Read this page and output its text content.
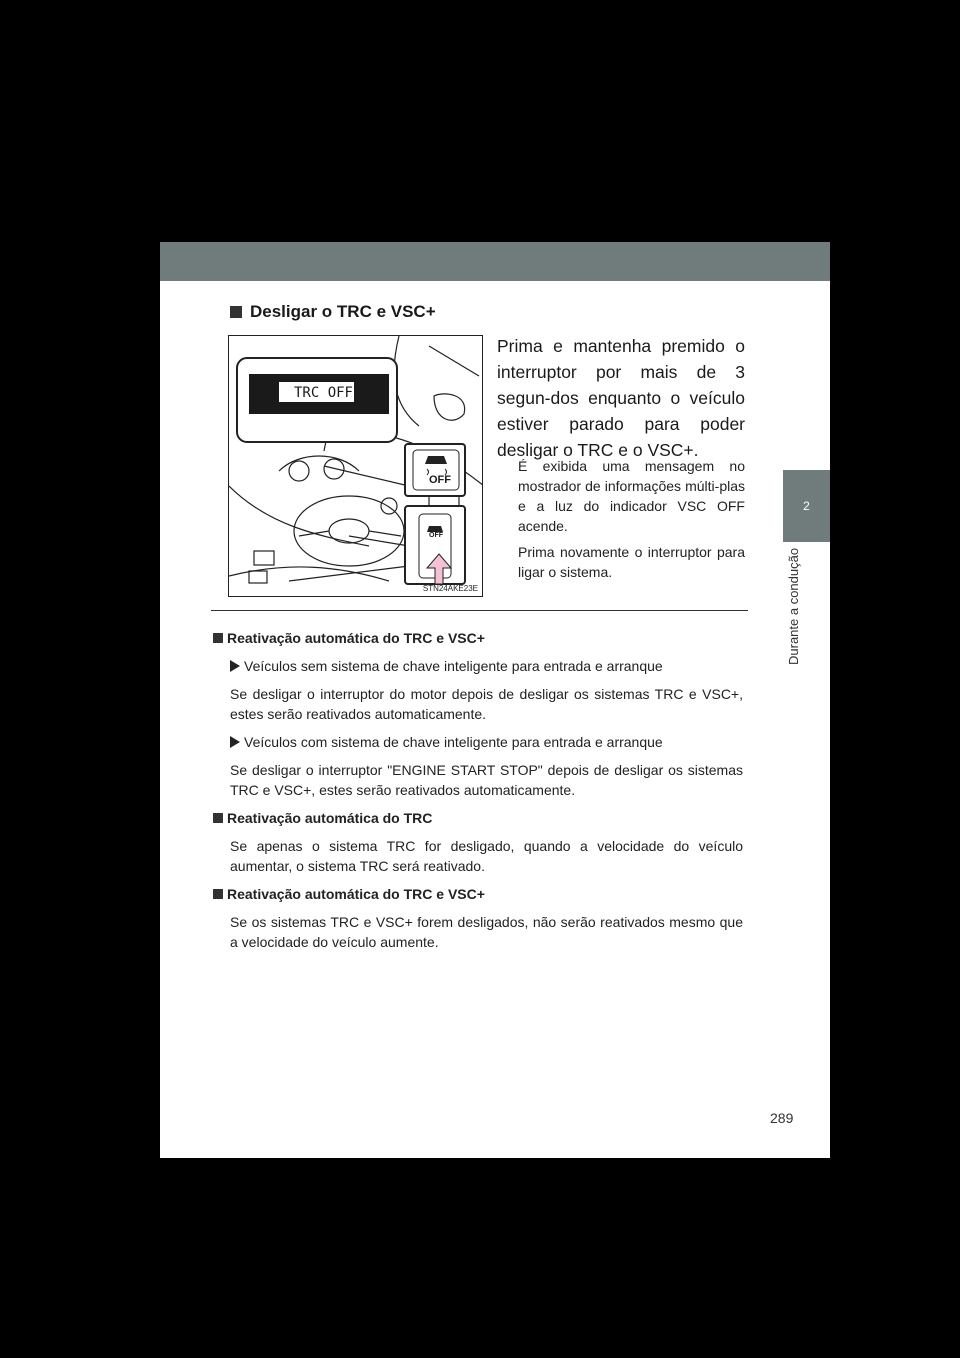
2
Durante a condução
Desligar o TRC e VSC+
TRC OFF
OFF
OFF
STN24AKE23E
Prima e mantenha premido o interruptor por mais de 3 segun-dos enquanto o veículo estiver parado para poder desligar o TRC e o VSC+.
É exibida uma mensagem no mostrador de informações múlti-plas e a luz do indicador VSC OFF acende.
Prima novamente o interruptor para ligar o sistema.
Reativação automática do TRC e VSC+
Veículos sem sistema de chave inteligente para entrada e arranque
Se desligar o interruptor do motor depois de desligar os sistemas TRC e VSC+, estes serão reativados automaticamente.
Veículos com sistema de chave inteligente para entrada e arranque
Se desligar o interruptor "ENGINE START STOP" depois de desligar os sistemas TRC e VSC+, estes serão reativados automaticamente.
Reativação automática do TRC
Se apenas o sistema TRC for desligado, quando a velocidade do veículo aumentar, o sistema TRC será reativado.
Reativação automática do TRC e VSC+
Se os sistemas TRC e VSC+ forem desligados, não serão reativados mesmo que a velocidade do veículo aumente.
289
